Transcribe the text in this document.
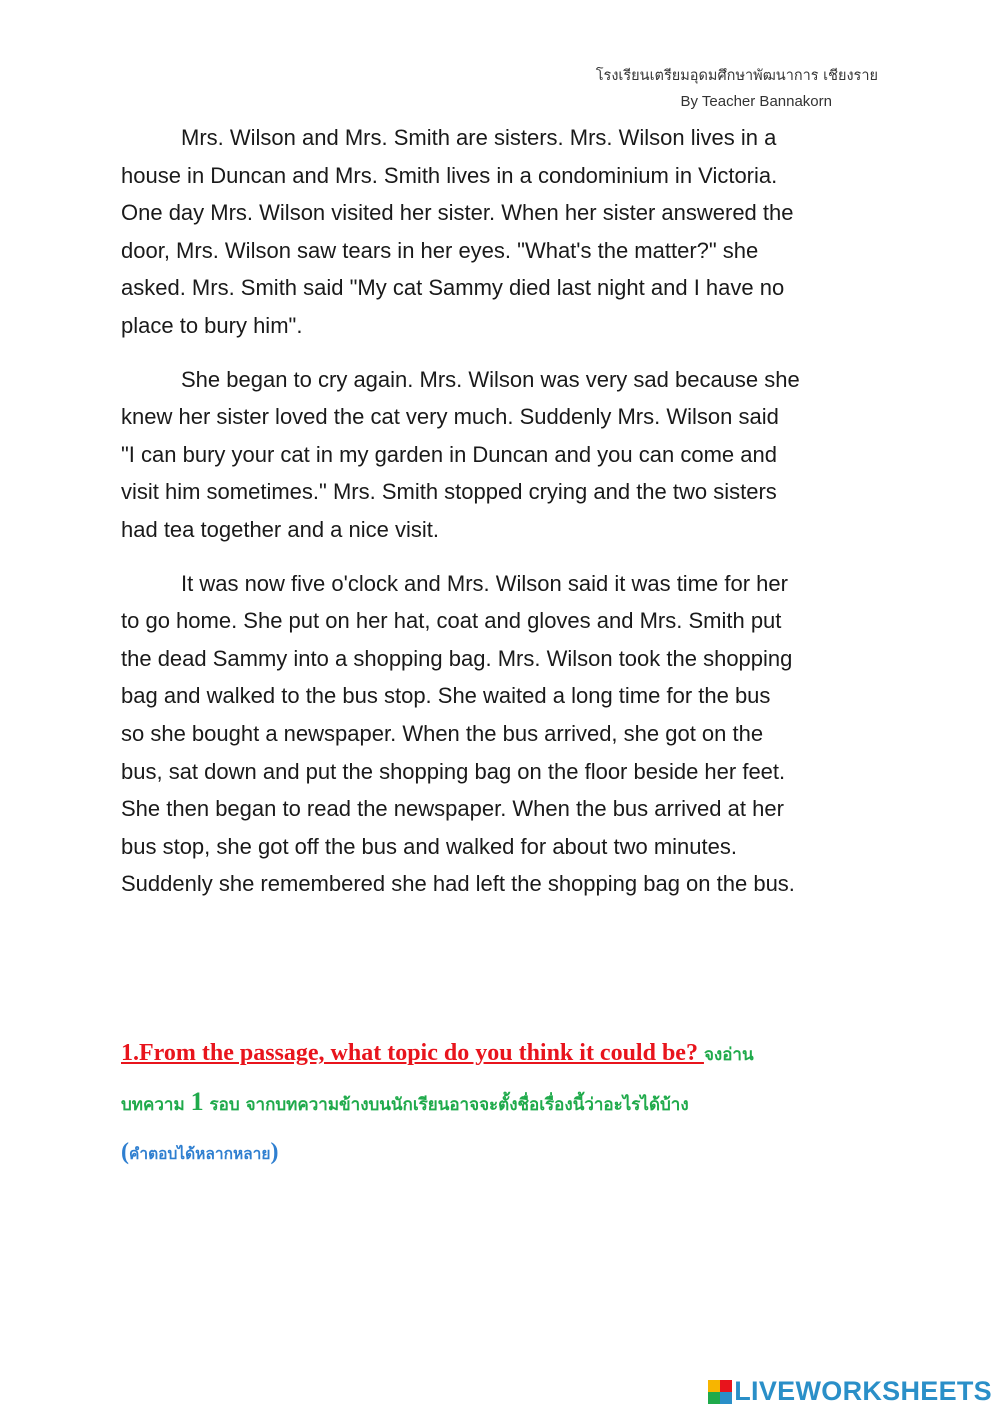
โรงเรียนเตรียมอุดมศึกษาพัฒนาการ เชียงราย
By Teacher Bannakorn

Mrs. Wilson and Mrs. Smith are sisters. Mrs. Wilson lives in a
house in Duncan and Mrs. Smith lives in a condominium in Victoria.
One day Mrs. Wilson visited her sister. When her sister answered the
door, Mrs. Wilson saw tears in her eyes. "What's the matter?" she
asked. Mrs. Smith said "My cat Sammy died last night and I have no
place to bury him".

She began to cry again. Mrs. Wilson was very sad because she
knew her sister loved the cat very much. Suddenly Mrs. Wilson said
"I can bury your cat in my garden in Duncan and you can come and
visit him sometimes." Mrs. Smith stopped crying and the two sisters
had tea together and a nice visit.

It was now five o'clock and Mrs. Wilson said it was time for her
to go home. She put on her hat, coat and gloves and Mrs. Smith put
the dead Sammy into a shopping bag. Mrs. Wilson took the shopping
bag and walked to the bus stop. She waited a long time for the bus
so she bought a newspaper. When the bus arrived, she got on the
bus, sat down and put the shopping bag on the floor beside her feet.
She then began to read the newspaper. When the bus arrived at her
bus stop, she got off the bus and walked for about two minutes.
Suddenly she remembered she had left the shopping bag on the bus.

1.From the passage, what topic do you think it could be? จงอ่าน
บทความ 1 รอบ จากบทความข้างบนนักเรียนอาจจะตั้งชื่อเรื่องนี้ว่าอะไรได้บ้าง
(คำตอบได้หลากหลาย)
LIVEWORKSHEETS
